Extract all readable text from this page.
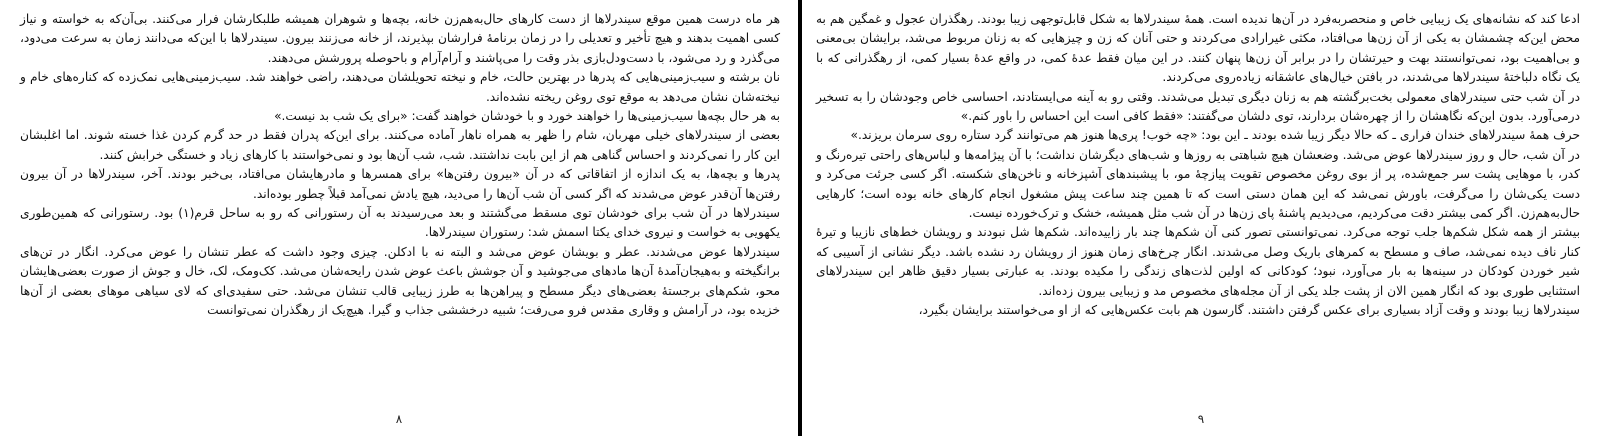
هر ماه درست همین موقع سیندرلاها از دست کارهای حال‌به‌هم‌زن خانه، بچه‌ها و شوهران همیشه طلبکارشان فرار می‌کنند. بی‌آن‌که به خواسته و نیاز کسی اهمیت بدهند و هیچ تأخیر و تعدیلی را در زمان برنامهٔ فرارشان بپذیرند، از خانه می‌زنند بیرون. سیندرلاها با این‌که می‌دانند زمان به سرعت می‌دود، می‌گذرد و رد می‌شود، با دست‌ودل‌بازی بذر وقت را می‌پاشند و آرام‌آرام و باحوصله پرورشش می‌دهند.

نان برشته و سیب‌زمینی‌هایی که پدرها در بهترین حالت، خام و نیخته تحویلشان می‌دهند، راضی خواهند شد. سیب‌زمینی‌هایی نمک‌زده که کناره‌های خام و نیخته‌شان نشان می‌دهد به موقع توی روغن ریخته نشده‌اند.

به هر حال بچه‌ها سیب‌زمینی‌ها را خواهند خورد و با خودشان خواهند گفت: «برای یک شب بد نیست.»

بعضی از سیندرلاهای خیلی مهربان، شام را ظهر به همراه ناهار آماده می‌کنند. برای این‌که پدران فقط در حد گرم کردن غذا خسته شوند. اما اغلبشان این کار را نمی‌کردند و احساس گناهی هم از این بابت نداشتند. شب، شب آن‌ها بود و نمی‌خواستند با کارهای زیاد و خستگی خرابش کنند.

پدرها و بچه‌ها، به یک اندازه از اتفاقاتی که در آن «بیرون رفتن‌ها» برای همسرها و مادرهایشان می‌افتاد، بی‌خبر بودند. آخر، سیندرلاها در آن بیرون رفتن‌ها آن‌قدر عوض می‌شدند که اگر کسی آن شب آن‌ها را می‌دید، هیچ یادش نمی‌آمد قبلاً چطور بوده‌اند.

سیندرلاها در آن شب برای خودشان توی مسقط می‌گشتند و بعد می‌رسیدند به آن رستورانی که رو به ساحل قرم(۱) بود. رستورانی که همین‌طوری یکهویی به خواست و نیروی خدای یکتا اسمش شد: رستوران سیندرلاها.

سیندرلاها عوض می‌شدند. عطر و بویشان عوض می‌شد و البته نه با ادکلن. چیزی وجود داشت که عطر تنشان را عوض می‌کرد. انگار در تن‌های برانگیخته و به‌هیجان‌آمدهٔ آن‌ها مادهای می‌جوشید و آن جوشش باعث عوض شدن رایحه‌شان می‌شد. کک‌ومک، لک، خال و جوش از صورت بعضی‌هایشان محو، شکم‌های برجستهٔ بعضی‌های دیگر مسطح و پیراهن‌ها به طرز زیبایی قالب تنشان می‌شد. حتی سفیدی‌ای که لای سیاهی موهای بعضی از آن‌ها خزیده بود، در آرامش و وقاری مقدس فرو می‌رفت؛ شبیه درخششی جذاب و گیرا. هیچ‌یک از رهگذران نمی‌توانست

۸

ادعا کند که نشانه‌های یک زیبایی خاص و منحصربه‌فرد در آن‌ها ندیده است. همهٔ سیندرلاها به شکل قابل‌توجهی زیبا بودند. رهگذران عجول و غمگین هم به محض این‌که چشمشان به یکی از آن زن‌ها می‌افتاد، مکثی غیرارادی می‌کردند و حتی آنان که زن و چیزهایی که به زنان مربوط می‌شد، برایشان بی‌معنی و بی‌اهمیت بود، نمی‌توانستند بهت و حیرتشان را در برابر آن زن‌ها پنهان کنند. در این میان فقط عدهٔ کمی، در واقع عدهٔ بسیار کمی، از رهگذرانی که با یک نگاه دلباختهٔ سیندرلاها می‌شدند، در بافتن خیال‌های عاشقانه زیاده‌روی می‌کردند.

در آن شب حتی سیندرلاهای معمولی بخت‌برگشته هم به زنان دیگری تبدیل می‌شدند. وقتی رو به آینه می‌ایستادند، احساسی خاص وجودشان را به تسخیر درمی‌آورد. بدون این‌که نگاهشان را از چهره‌شان بردارند، توی دلشان می‌گفتند: «فقط کافی است این احساس را باور کنم.»

حرف همهٔ سیندرلاهای خندان فراری ـ که حالا دیگر زیبا شده بودند ـ این بود: «چه خوب! پری‌ها هنوز هم می‌توانند گرد ستاره روی سرمان بریزند.»

در آن شب، حال و روز سیندرلاها عوض می‌شد. وضعشان هیچ شباهتی به روزها و شب‌های دیگرشان نداشت؛ با آن پیژامه‌ها و لباس‌های راحتی تیره‌رنگ و کدر، با موهایی پشت سر جمع‌شده، پر از بوی روغن مخصوص تقویت پیازچهٔ مو، با پیشبندهای آشپزخانه و ناخن‌های شکسته. اگر کسی جرئت می‌کرد و دست یکی‌شان را می‌گرفت، باورش نمی‌شد که این همان دستی است که تا همین چند ساعت پیش مشغول انجام کارهای خانه بوده است؛ کارهایی حال‌به‌هم‌زن. اگر کمی بیشتر دقت می‌کردیم، می‌دیدیم پاشنهٔ پای زن‌ها در آن شب مثل همیشه، خشک و ترک‌خورده نیست.

بیشتر از همه شکل شکم‌ها جلب توجه می‌کرد. نمی‌توانستی تصور کنی آن شکم‌ها چند بار زاییده‌اند. شکم‌ها شل نبودند و رویشان خط‌های نازیبا و تیرهٔ کنار ناف دیده نمی‌شد، صاف و مسطح به کمرهای باریک وصل می‌شدند. انگار چرخ‌های زمان هنوز از رویشان رد نشده باشد. دیگر نشانی از آسیبی که شیر خوردن کودکان در سینه‌ها به بار می‌آورد، نبود؛ کودکانی که اولین لذت‌های زندگی را مکیده بودند. به عبارتی بسیار دقیق ظاهر این سیندرلاهای استثنایی طوری بود که انگار همین الان از پشت جلد یکی از آن مجله‌های مخصوص مد و زیبایی بیرون زده‌اند.

سیندرلاها زیبا بودند و وقت آزاد بسیاری برای عکس گرفتن داشتند. گارسون هم بابت عکس‌هایی که از او می‌خواستند برایشان بگیرد،

۹
